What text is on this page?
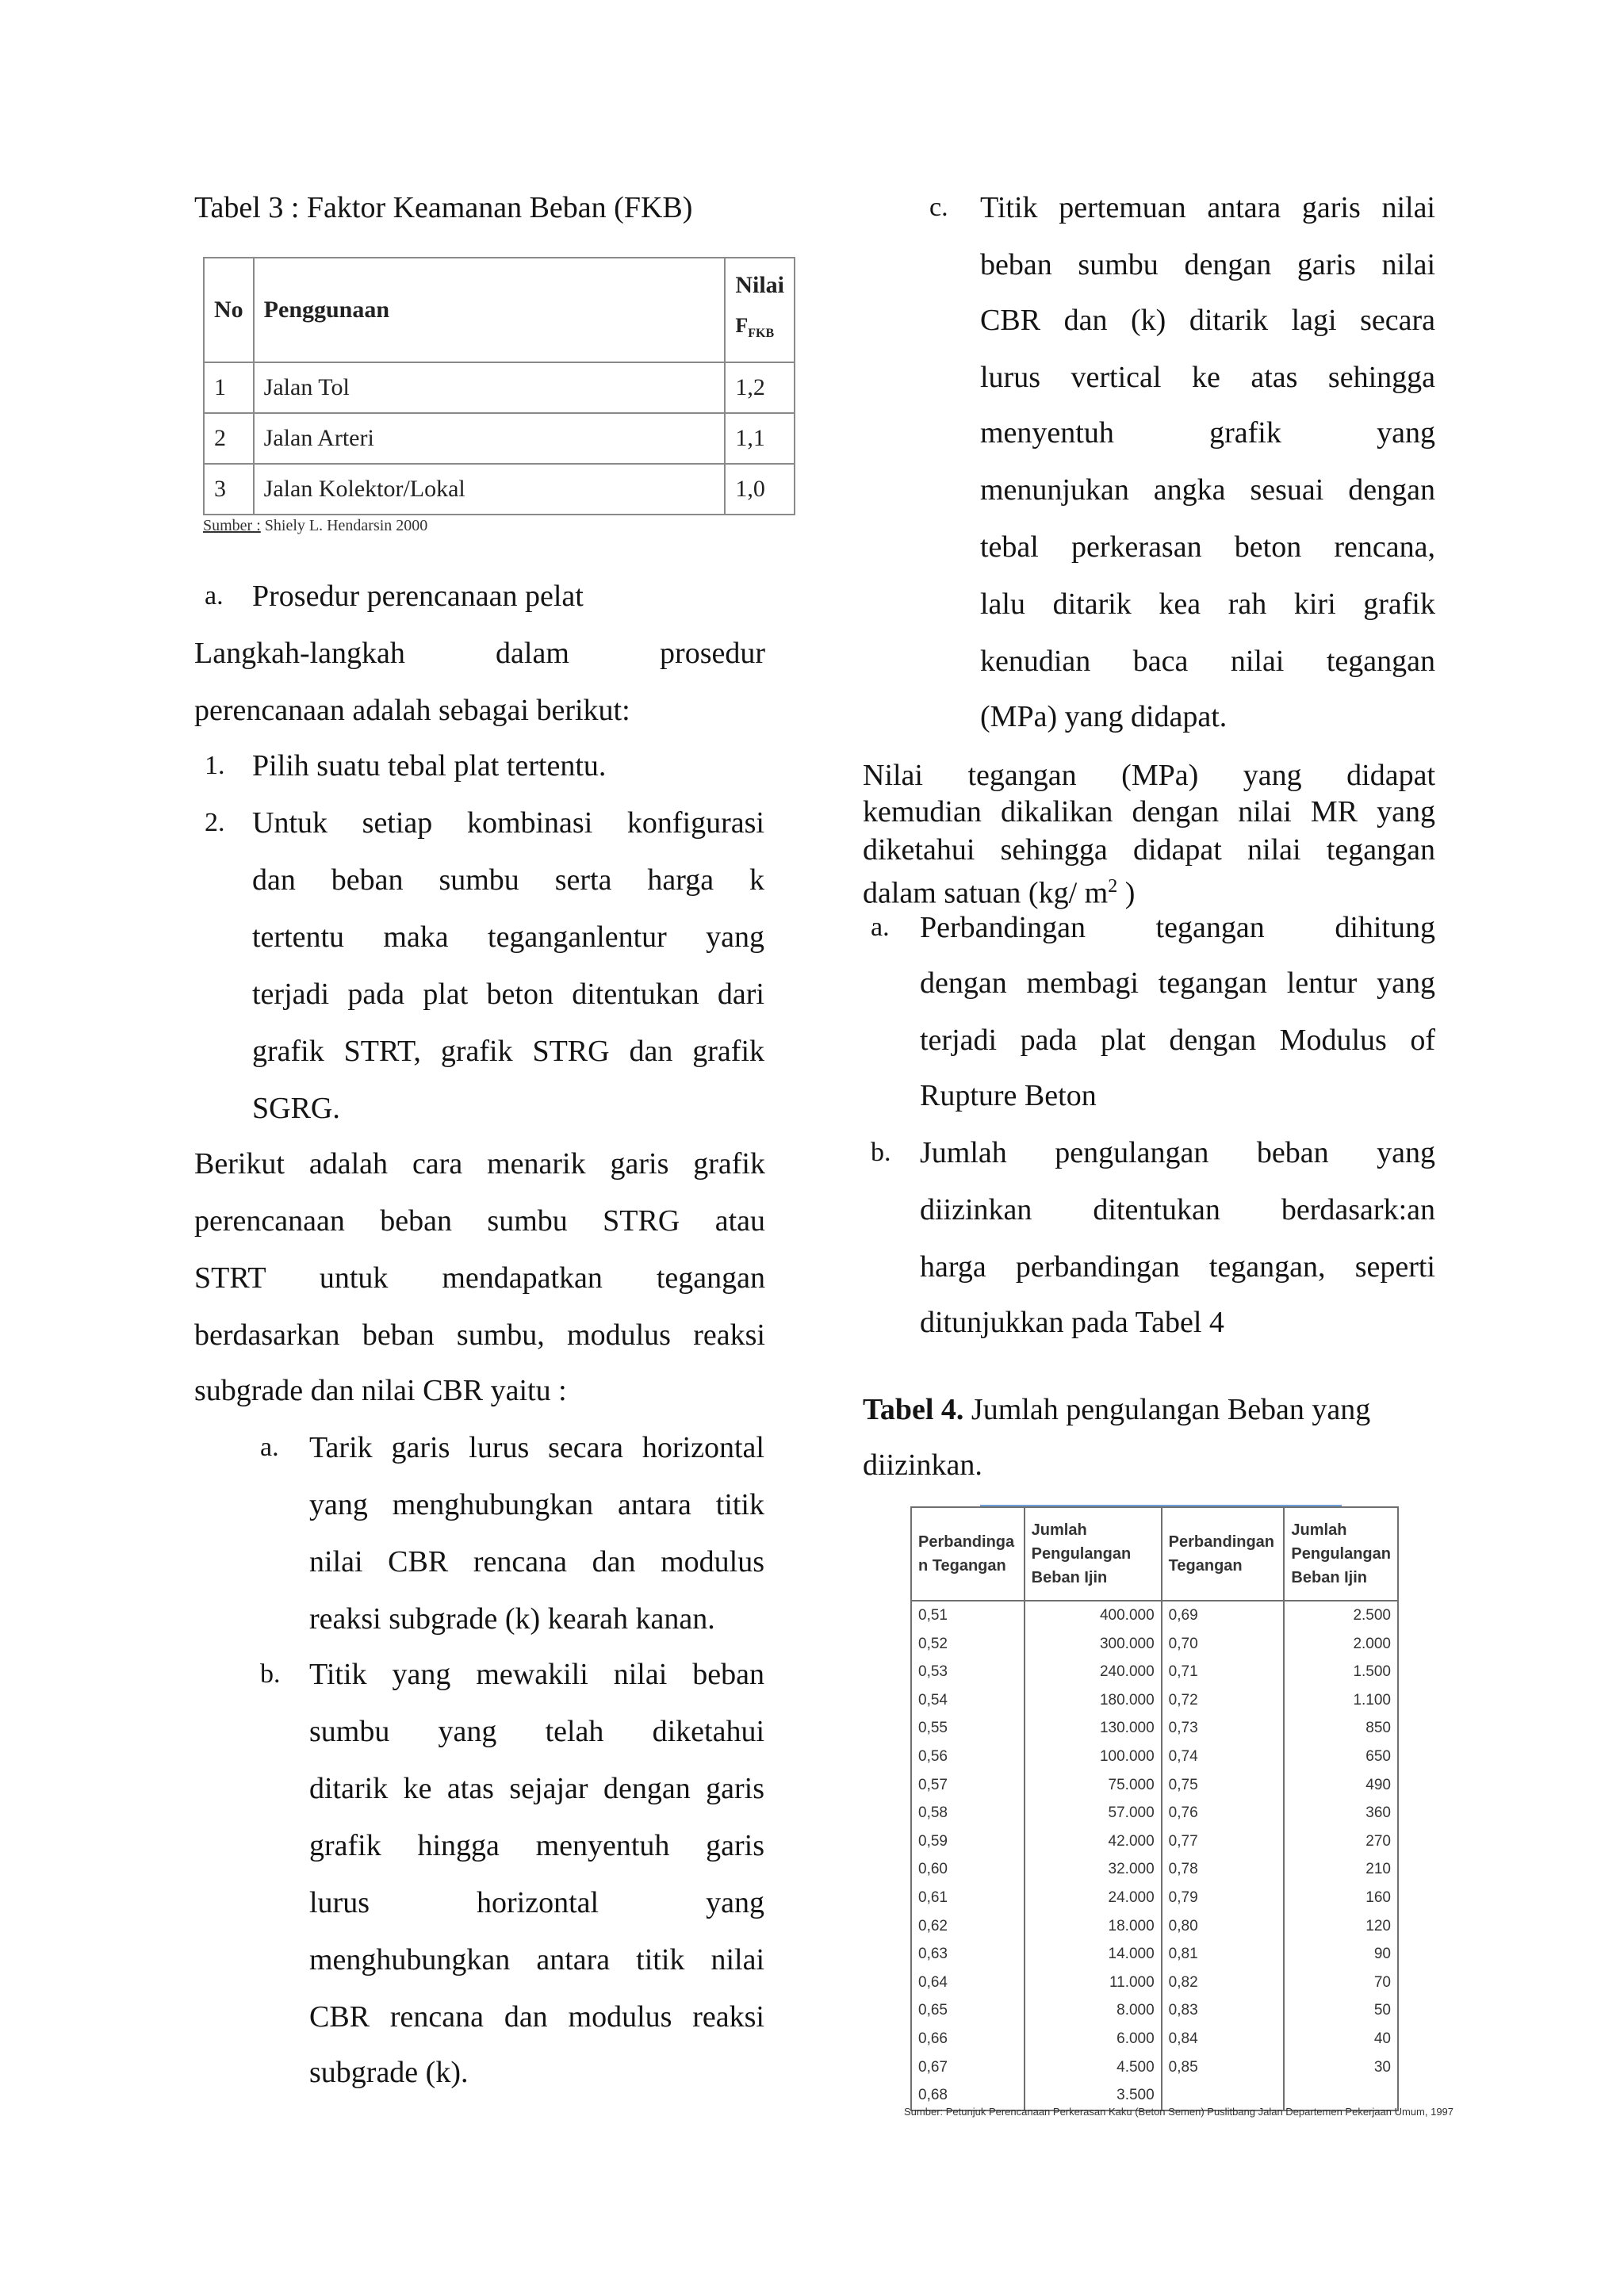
Tabel 3 : Faktor Keamanan Beban (FKB)
No	Penggunaan	Nilai
$F_{FKB}$
1	Jalan Tol	1,2
2	Jalan Arteri	1,1
3	Jalan Kolektor/Lokal	1,0
Sumber : Shiely L. Hendarsin 2000
a. Prosedur perencanaan pelat
Langkah-langkah dalam prosedur
perencanaan adalah sebagai berikut:
1. Pilih suatu tebal plat tertentu.
2. Untuk setiap kombinasi konfigurasi
dan beban sumbu serta harga k
tertentu maka teganganlentur yang
terjadi pada plat beton ditentukan dari
grafik STRT, grafik STRG dan grafik
SGRG.
Berikut adalah cara menarik garis grafik
perencanaan beban sumbu STRG atau
STRT untuk mendapatkan tegangan
berdasarkan beban sumbu, modulus reaksi
subgrade dan nilai CBR yaitu :
a. Tarik garis lurus secara horizontal
yang menghubungkan antara titik
nilai CBR rencana dan modulus
reaksi subgrade (k) kearah kanan.
b. Titik yang mewakili nilai beban
sumbu yang telah diketahui
ditarik ke atas sejajar dengan garis
grafik hingga menyentuh garis
lurus horizontal yang
menghubungkan antara titik nilai
CBR rencana dan modulus reaksi
subgrade (k).
c. Titik pertemuan antara garis nilai
beban sumbu dengan garis nilai
CBR dan (k) ditarik lagi secara
lurus vertical ke atas sehingga
menyentuh grafik yang
menunjukan angka sesuai dengan
tebal perkerasan beton rencana,
lalu ditarik kea rah kiri grafik
kenudian baca nilai tegangan
(MPa) yang didapat.
Nilai tegangan (MPa) yang didapat
kemudian dikalikan dengan nilai MR yang
diketahui sehingga didapat nilai tegangan
dalam satuan (kg/ $m^2$ )
a. Perbandingan tegangan dihitung
dengan membagi tegangan lentur yang
terjadi pada plat dengan Modulus of
Rupture Beton
b. Jumlah pengulangan beban yang
diizinkan ditentukan berdasark:an
harga perbandingan tegangan, seperti
ditunjukkan pada Tabel 4
Tabel 4. Jumlah pengulangan Beban yang
diizinkan.
Perbandinga n Tegangan	Jumlah Pengulangan Beban Ijin	Perbandingan Tegangan	Jumlah Pengulangan Beban Ijin
0,51	400.000	0,69	2.500
0,52	300.000	0,70	2.000
0,53	240.000	0,71	1.500
0,54	180.000	0,72	1.100
0,55	130.000	0,73	850
0,56	100.000	0,74	650
0,57	75.000	0,75	490
0,58	57.000	0,76	360
0,59	42.000	0,77	270
0,60	32.000	0,78	210
0,61	24.000	0,79	160
0,62	18.000	0,80	120
0,63	14.000	0,81	90
0,64	11.000	0,82	70
0,65	8.000	0,83	50
0,66	6.000	0,84	40
0,67	4.500	0,85	30
0,68	3.500		
Sumber: Petunjuk Perencanaan Perkerasan Kaku (Beton Semen) Puslitbang Jalan Departemen Pekerjaan Umum, 1997
